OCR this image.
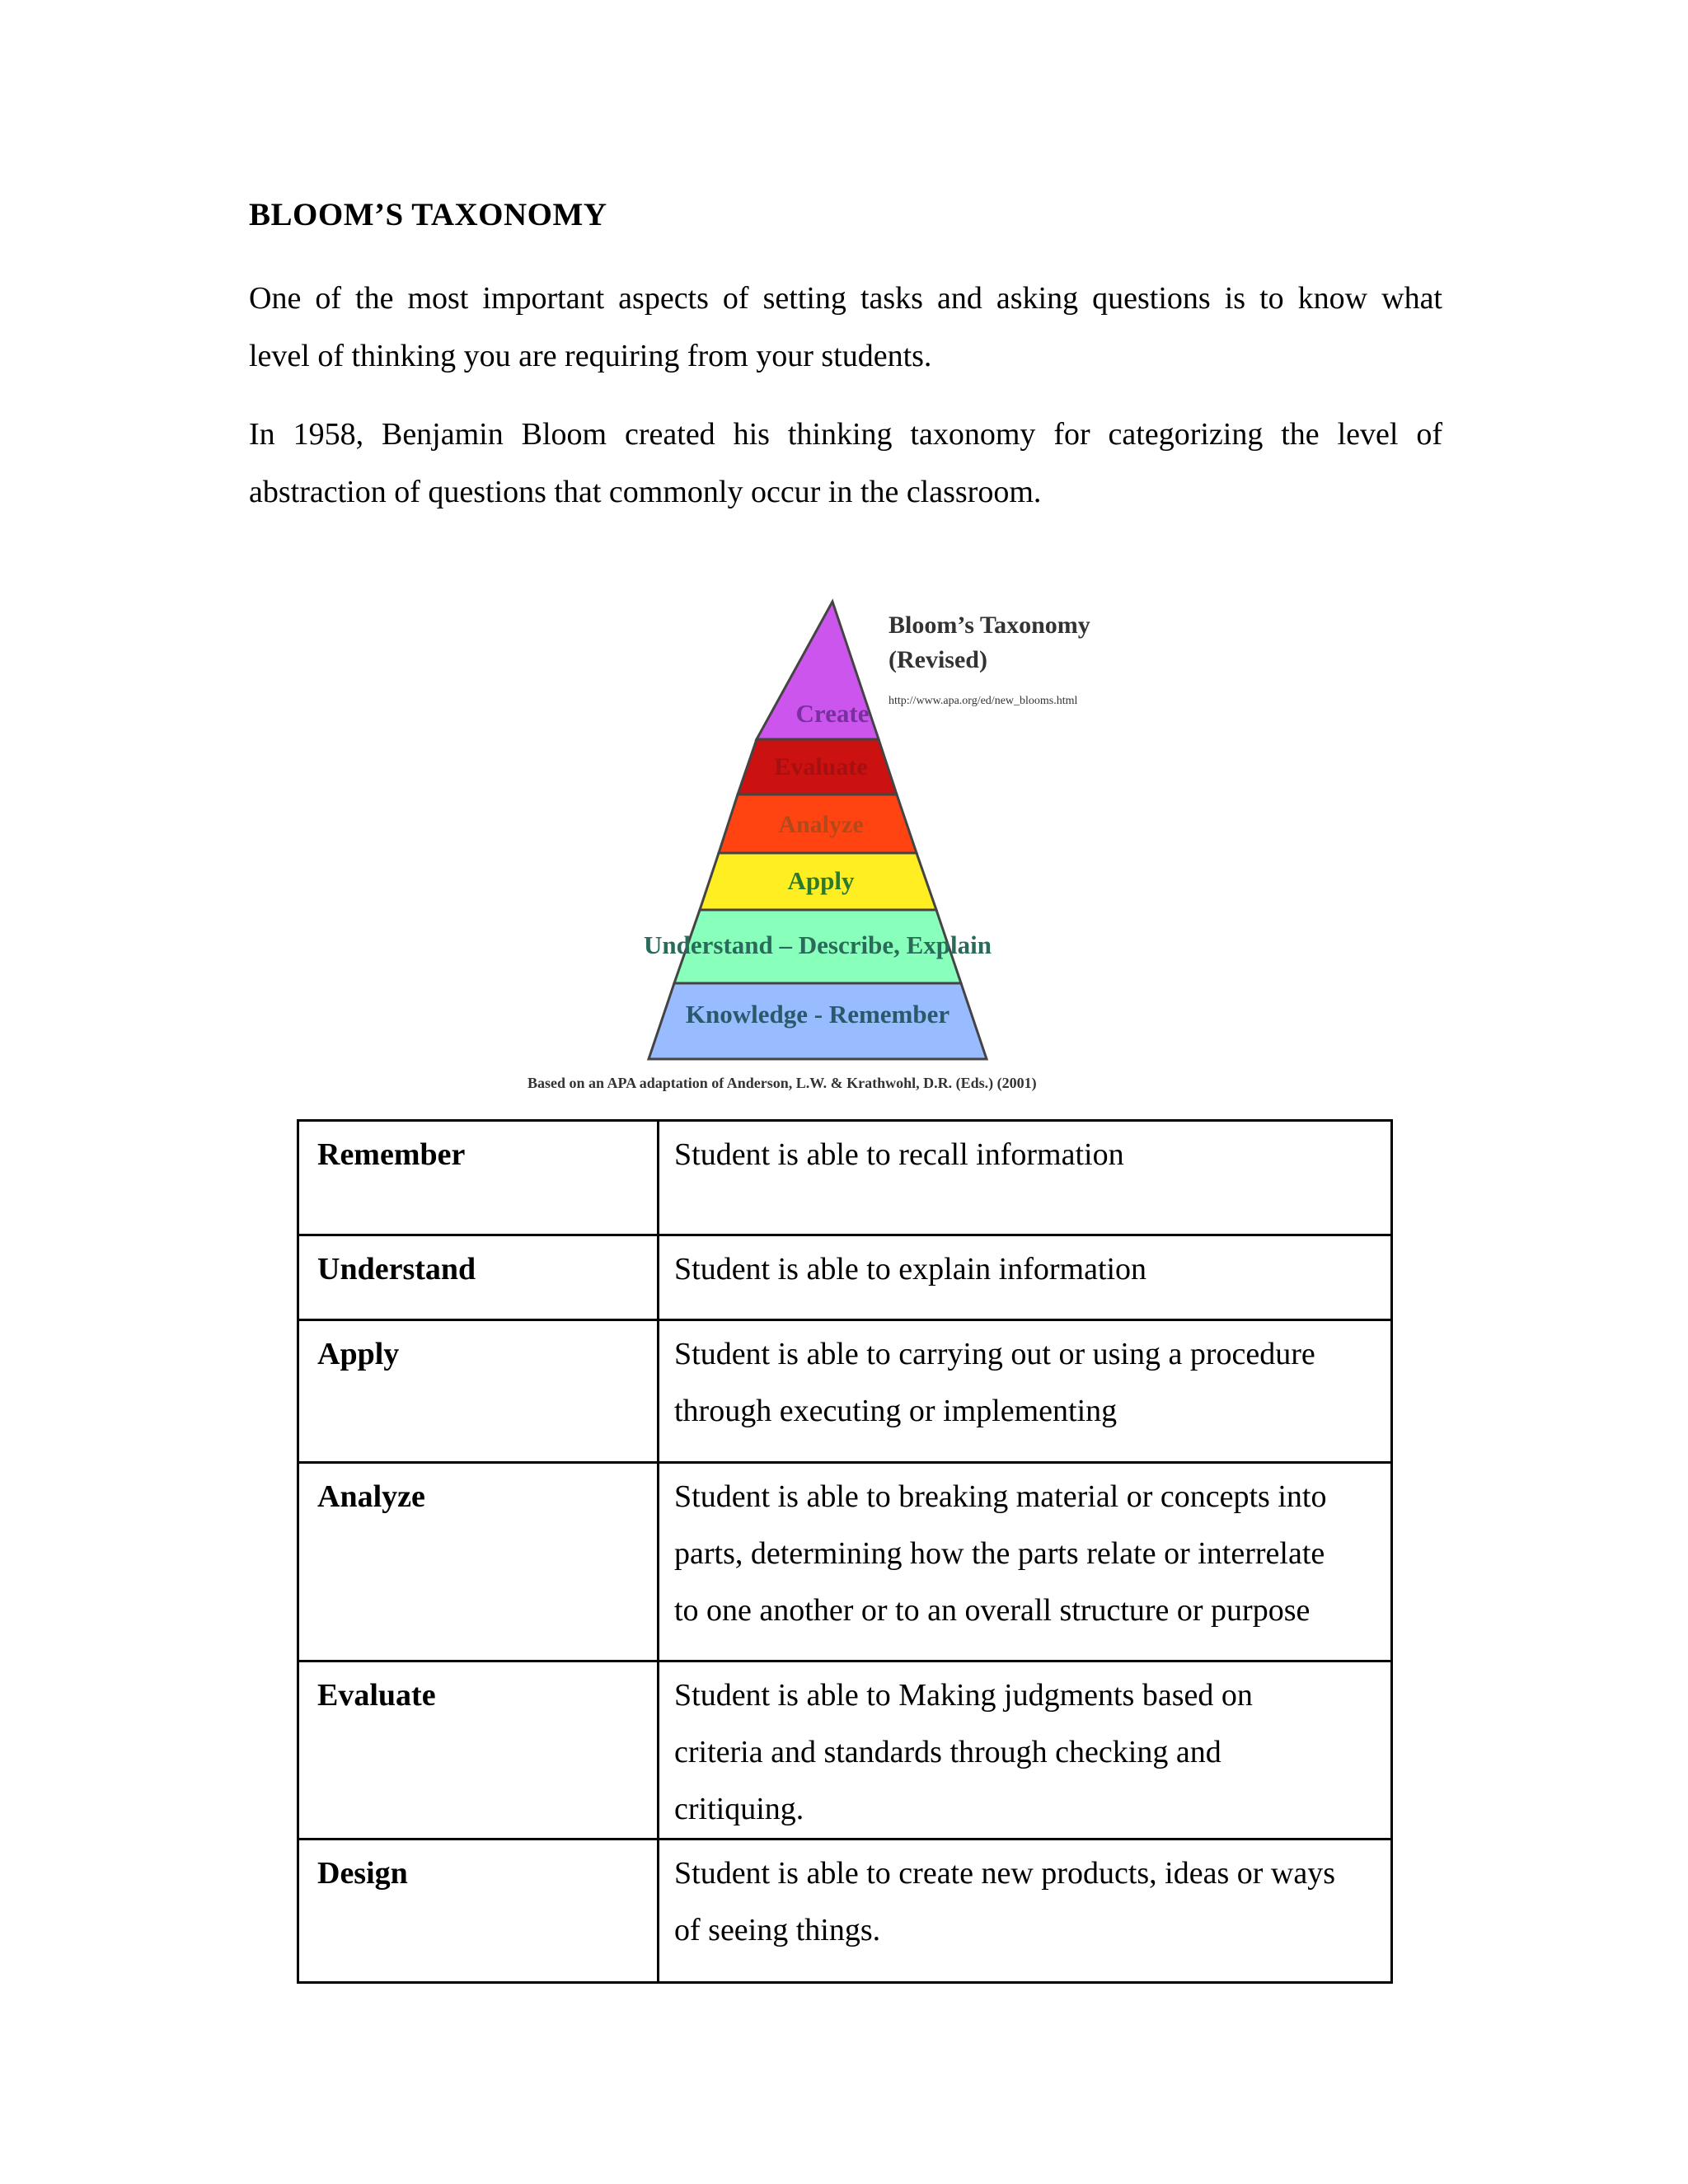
BLOOM’S TAXONOMY
One of the most important aspects of setting tasks and asking questions is to know what
level of thinking you are requiring from your students.
In 1958, Benjamin Bloom created his thinking taxonomy for categorizing the level of
abstraction of questions that commonly occur in the classroom.
Create
Evaluate
Analyze
Apply
Understand – Describe, Explain
Knowledge - Remember
Bloom’s Taxonomy
(Revised)
http://www.apa.org/ed/new_blooms.html
Based on an APA adaptation of Anderson, L.W. & Krathwohl, D.R. (Eds.) (2001)
Remember	Student is able to recall information

Understand	Student is able to explain information

Apply	Student is able to carrying out or using a procedure
through executing or implementing

Analyze	Student is able to breaking material or concepts into
parts, determining how the parts relate or interrelate
to one another or to an overall structure or purpose

Evaluate	Student is able to Making judgments based on
criteria and standards through checking and
critiquing.

Design	Student is able to create new products, ideas or ways
of seeing things.
